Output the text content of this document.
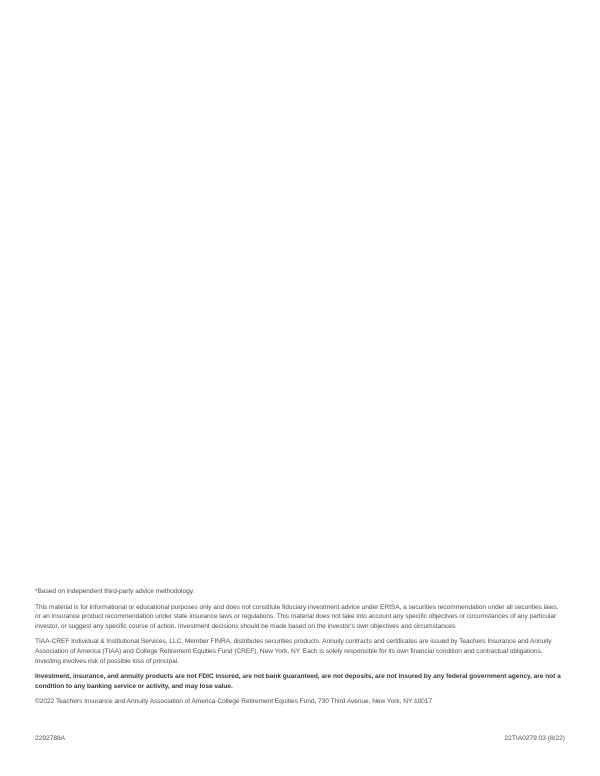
*Based on independent third-party advice methodology.

This material is for informational or educational purposes only and does not constitute fiduciary investment advice under ERISA, a securities recommendation under all securities laws, or an insurance product recommendation under state insurance laws or regulations. This material does not take into account any specific objectives or circumstances of any particular investor, or suggest any specific course of action. Investment decisions should be made based on the investor's own objectives and circumstances.

TIAA-CREF Individual & Institutional Services, LLC, Member FINRA, distributes securities products. Annuity contracts and certificates are issued by Teachers Insurance and Annuity Association of America (TIAA) and College Retirement Equities Fund (CREF), New York, NY. Each is solely responsible for its own financial condition and contractual obligations. Investing involves risk of possible loss of principal.

Investment, insurance, and annuity products are not FDIC insured, are not bank guaranteed, are not deposits, are not insured by any federal government agency, are not a condition to any banking service or activity, and may lose value.

©2022 Teachers Insurance and Annuity Association of America-College Retirement Equities Fund, 730 Third Avenue, New York, NY 10017

2292788A	22TIA0279.03 (8/22)
